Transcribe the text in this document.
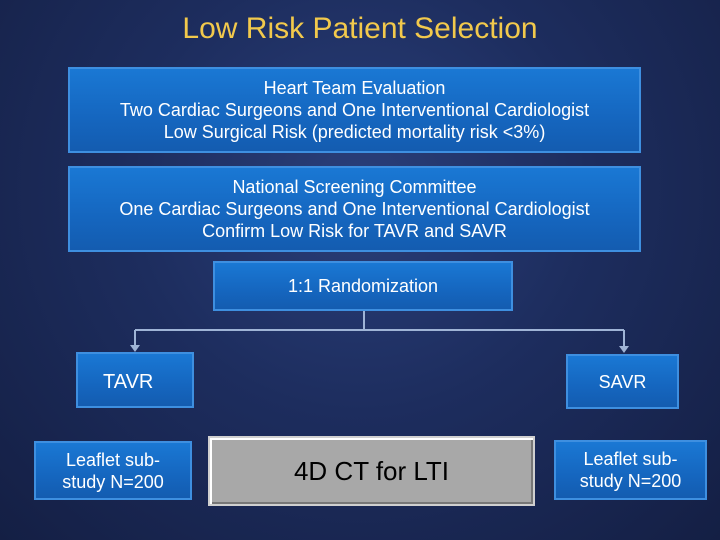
Low Risk Patient Selection
Heart Team Evaluation
Two Cardiac Surgeons and One Interventional Cardiologist
Low Surgical Risk (predicted mortality risk <3%)
National Screening Committee
One Cardiac Surgeons and One Interventional Cardiologist
Confirm Low Risk for TAVR and SAVR
1:1 Randomization
TAVR	SAVR
Leaflet sub-
study N=200	4D CT for LTI	Leaflet sub-
study N=200
